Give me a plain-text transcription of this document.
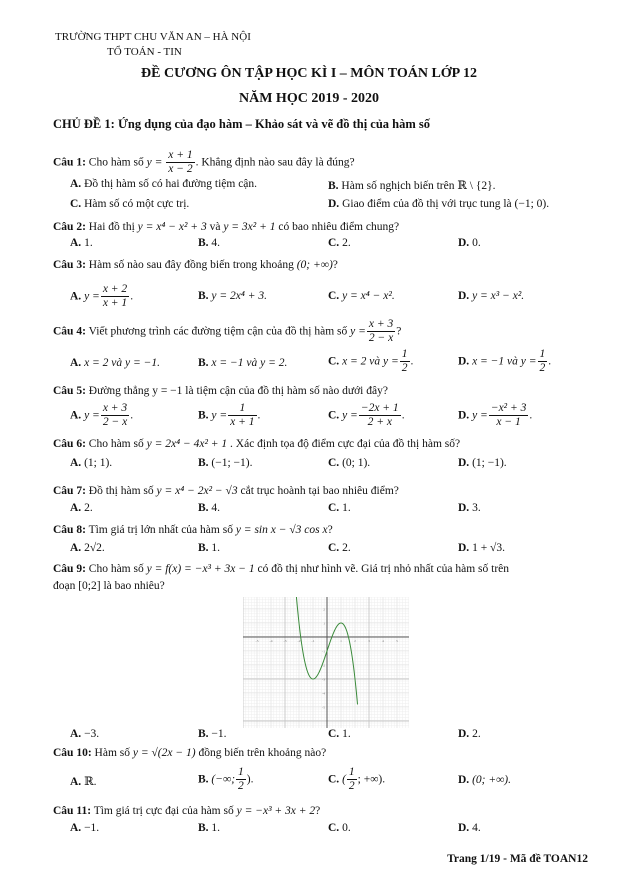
TRƯỜNG THPT CHU VĂN AN – HÀ NỘI
TỔ TOÁN - TIN
ĐỀ CƯƠNG ÔN TẬP HỌC KÌ I – MÔN TOÁN LỚP 12
NĂM HỌC 2019 - 2020
CHỦ ĐỀ 1: Ứng dụng của đạo hàm – Khảo sát và vẽ đồ thị của hàm số
Câu 1: Cho hàm số $y = \frac{x + 1}{x - 2}$ . Khẳng định nào sau đây là đúng?
A. Đồ thị hàm số có hai đường tiệm cận.	B. Hàm số nghịch biến trên ℝ \ {2}.
C. Hàm số có một cực trị.	D. Giao điểm của đồ thị với trục tung là (−1; 0).
Câu 2: Hai đồ thị y = x⁴ − x² + 3 và y = 3x² + 1 có bao nhiêu điểm chung?
A. 1.	B. 4.	C. 2.	D. 0.
Câu 3: Hàm số nào sau đây đồng biến trong khoảng (0; +∞)?
A. $y = \frac{x + 2}{x + 1}$ .	B. y = 2x⁴ + 3.	C. y = x⁴ − x².	D. y = x³ − x².
Câu 4: Viết phương trình các đường tiệm cận của đồ thị hàm số $y = \frac{x + 3}{2 - x}$ ?
A. x = 2 và y = −1.	B. x = −1 và y = 2.	C. x = 2 và $y = \frac{1}{2}$ .	D. x = −1 và $y = \frac{1}{2}$ .
Câu 5: Đường thẳng y = −1 là tiệm cận của đồ thị hàm số nào dưới đây?
A. $y = \frac{x + 3}{2 - x}$ .	B. $y = \frac{1}{x + 1}$ .	C. $y = \frac{-2x + 1}{2 + x}$ .	D. $y = \frac{\text{−x² + 3}}{x - 1}$ .
Câu 6: Cho hàm số y = 2x⁴ − 4x² + 1 . Xác định tọa độ điểm cực đại của đồ thị hàm số?
A. (1; 1).	B. (−1; −1).	C. (0; 1).	D. (1; −1).
Câu 7: Đồ thị hàm số y = x⁴ − 2x² − √3 cắt trục hoành tại bao nhiêu điểm?
A. 2.	B. 4.	C. 1.	D. 3.
Câu 8: Tìm giá trị lớn nhất của hàm số y = sin x − √3 cos x?
A. 2√2.	B. 1.	C. 2.	D. 1 + √3.
Câu 9: Cho hàm số y = f(x) = −x³ + 3x − 1 có đồ thị như hình vẽ. Giá trị nhỏ nhất của hàm số trên
đoạn [0;2] là bao nhiêu?
-5	-4	-3	-2	-1	1	2	3	4	5
2
1
-1
-2
-3
-4
-5
A. −3.	B. −1.	C. 1.	D. 2.
Câu 10: Hàm số y = √(2x − 1) đồng biến trên khoảng nào?
A. ℝ.	B. (−∞; $\frac{1}{2}$ ).	C. ( $\frac{1}{2}$ ; +∞).	D. (0; +∞).
Câu 11: Tìm giá trị cực đại của hàm số y = −x³ + 3x + 2?
A. −1.	B. 1.	C. 0.	D. 4.
Trang 1/19 - Mã đề TOAN12
